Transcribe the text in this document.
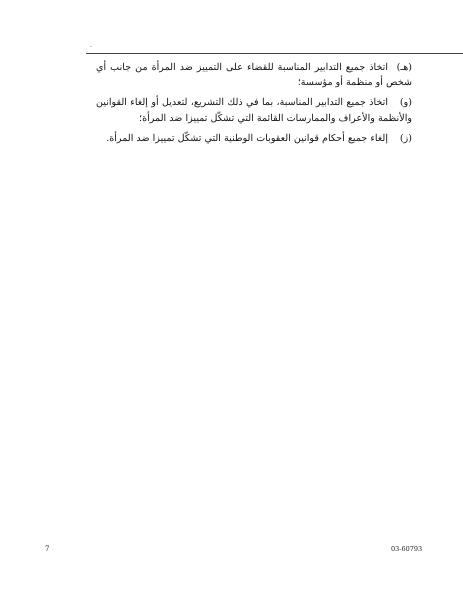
·

(هـ)اتخاذ جميع التدابير المناسبة للقضاء على التمييز ضد المرأة من جانب أي شخص أو منظمة أو مؤسسة؛

(و)اتخاذ جميع التدابير المناسبة، بما في ذلك التشريع، لتعديل أو إلغاء القوانين والأنظمة والأعراف والممارسات القائمة التي تشكّل تمييزا ضد المرأة؛

(ز)إلغاء جميع أحكام قوانين العقوبات الوطنية التي تشكّل تمييزا ضد المرأة.

7	03-60793
